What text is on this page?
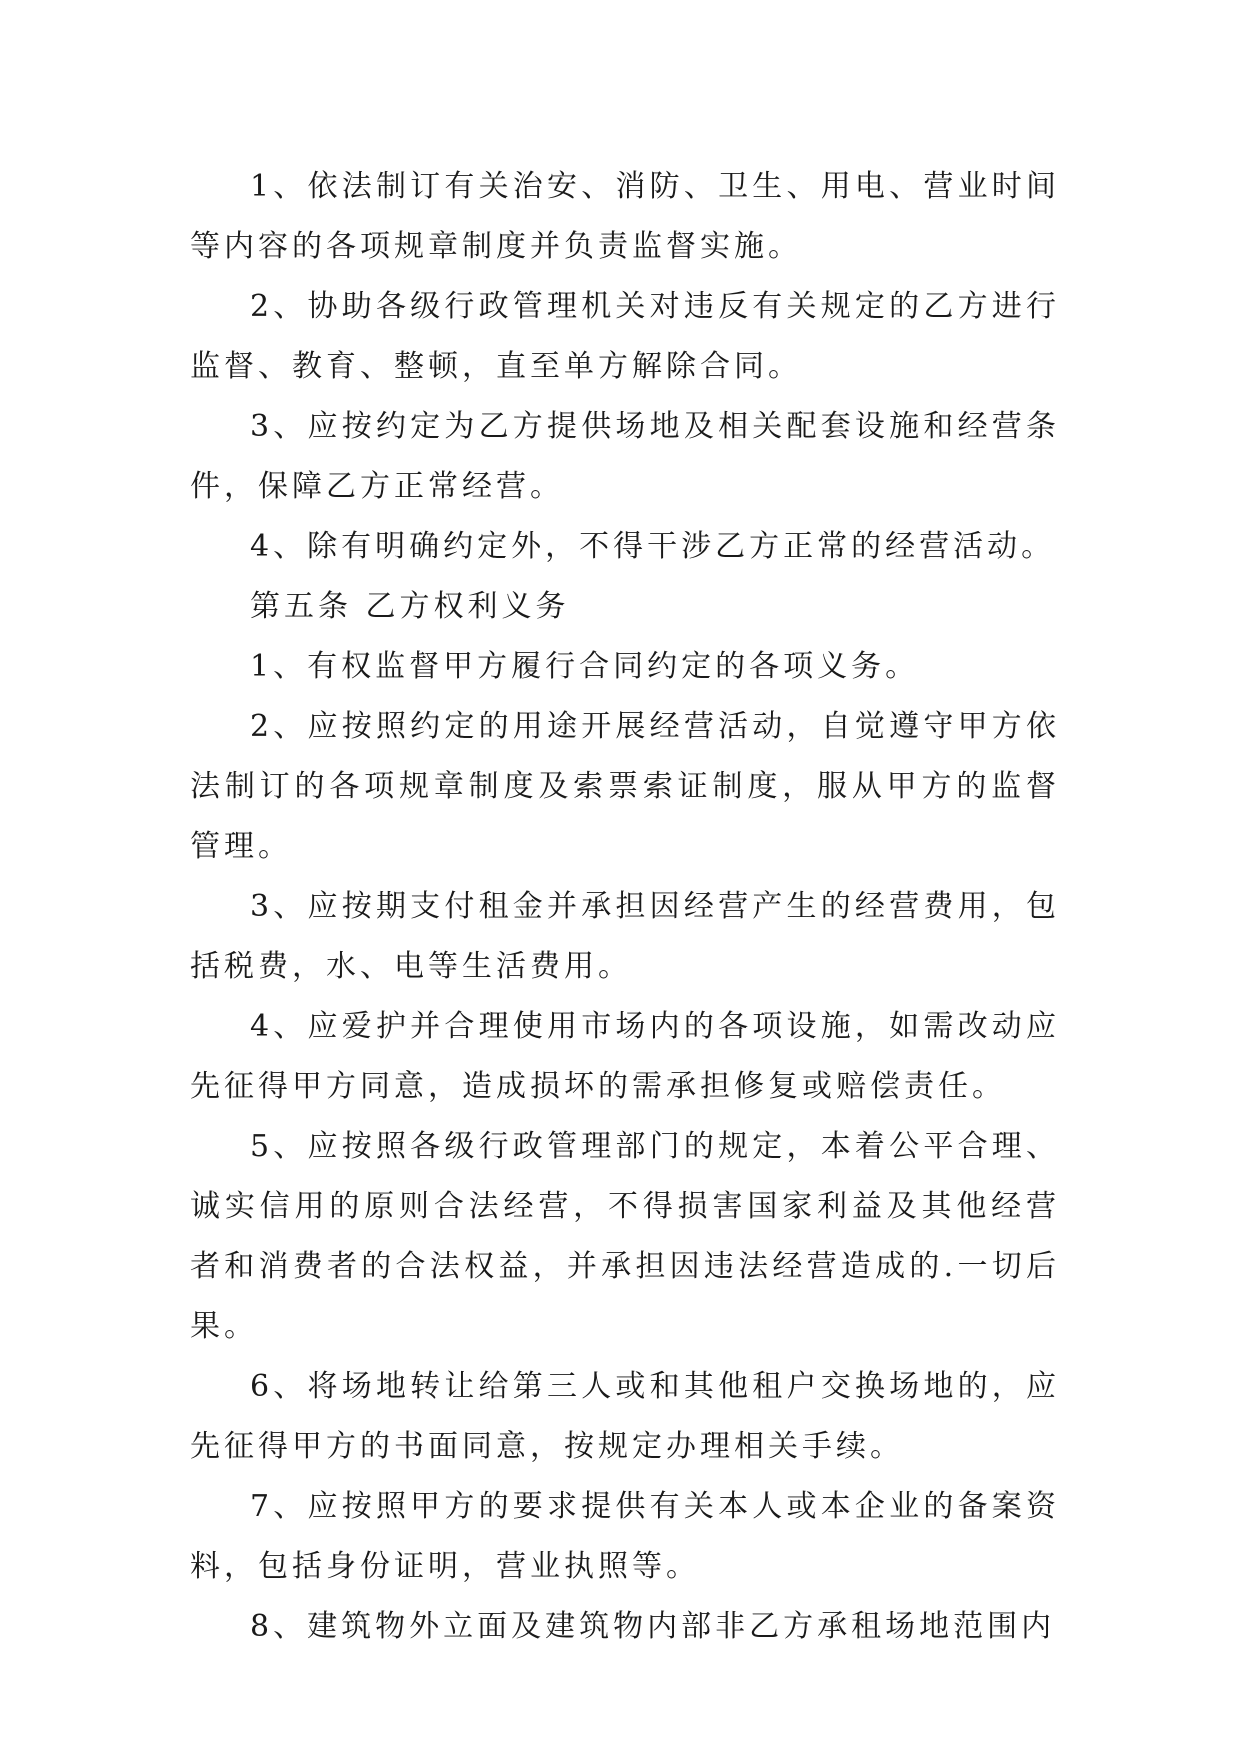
1、依法制订有关治安、消防、卫生、用电、营业时间等内容的各项规章制度并负责监督实施。

2、协助各级行政管理机关对违反有关规定的乙方进行监督、教育、整顿，直至单方解除合同。

3、应按约定为乙方提供场地及相关配套设施和经营条件，保障乙方正常经营。

4、除有明确约定外，不得干涉乙方正常的经营活动。

第五条 乙方权利义务

1、有权监督甲方履行合同约定的各项义务。

2、应按照约定的用途开展经营活动，自觉遵守甲方依法制订的各项规章制度及索票索证制度，服从甲方的监督管理。

3、应按期支付租金并承担因经营产生的经营费用，包括税费，水、电等生活费用。

4、应爱护并合理使用市场内的各项设施，如需改动应先征得甲方同意，造成损坏的需承担修复或赔偿责任。

5、应按照各级行政管理部门的规定，本着公平合理、诚实信用的原则合法经营，不得损害国家利益及其他经营者和消费者的合法权益，并承担因违法经营造成的.一切后果。

6、将场地转让给第三人或和其他租户交换场地的，应先征得甲方的书面同意，按规定办理相关手续。

7、应按照甲方的要求提供有关本人或本企业的备案资料，包括身份证明，营业执照等。

8、建筑物外立面及建筑物内部非乙方承租场地范围内
